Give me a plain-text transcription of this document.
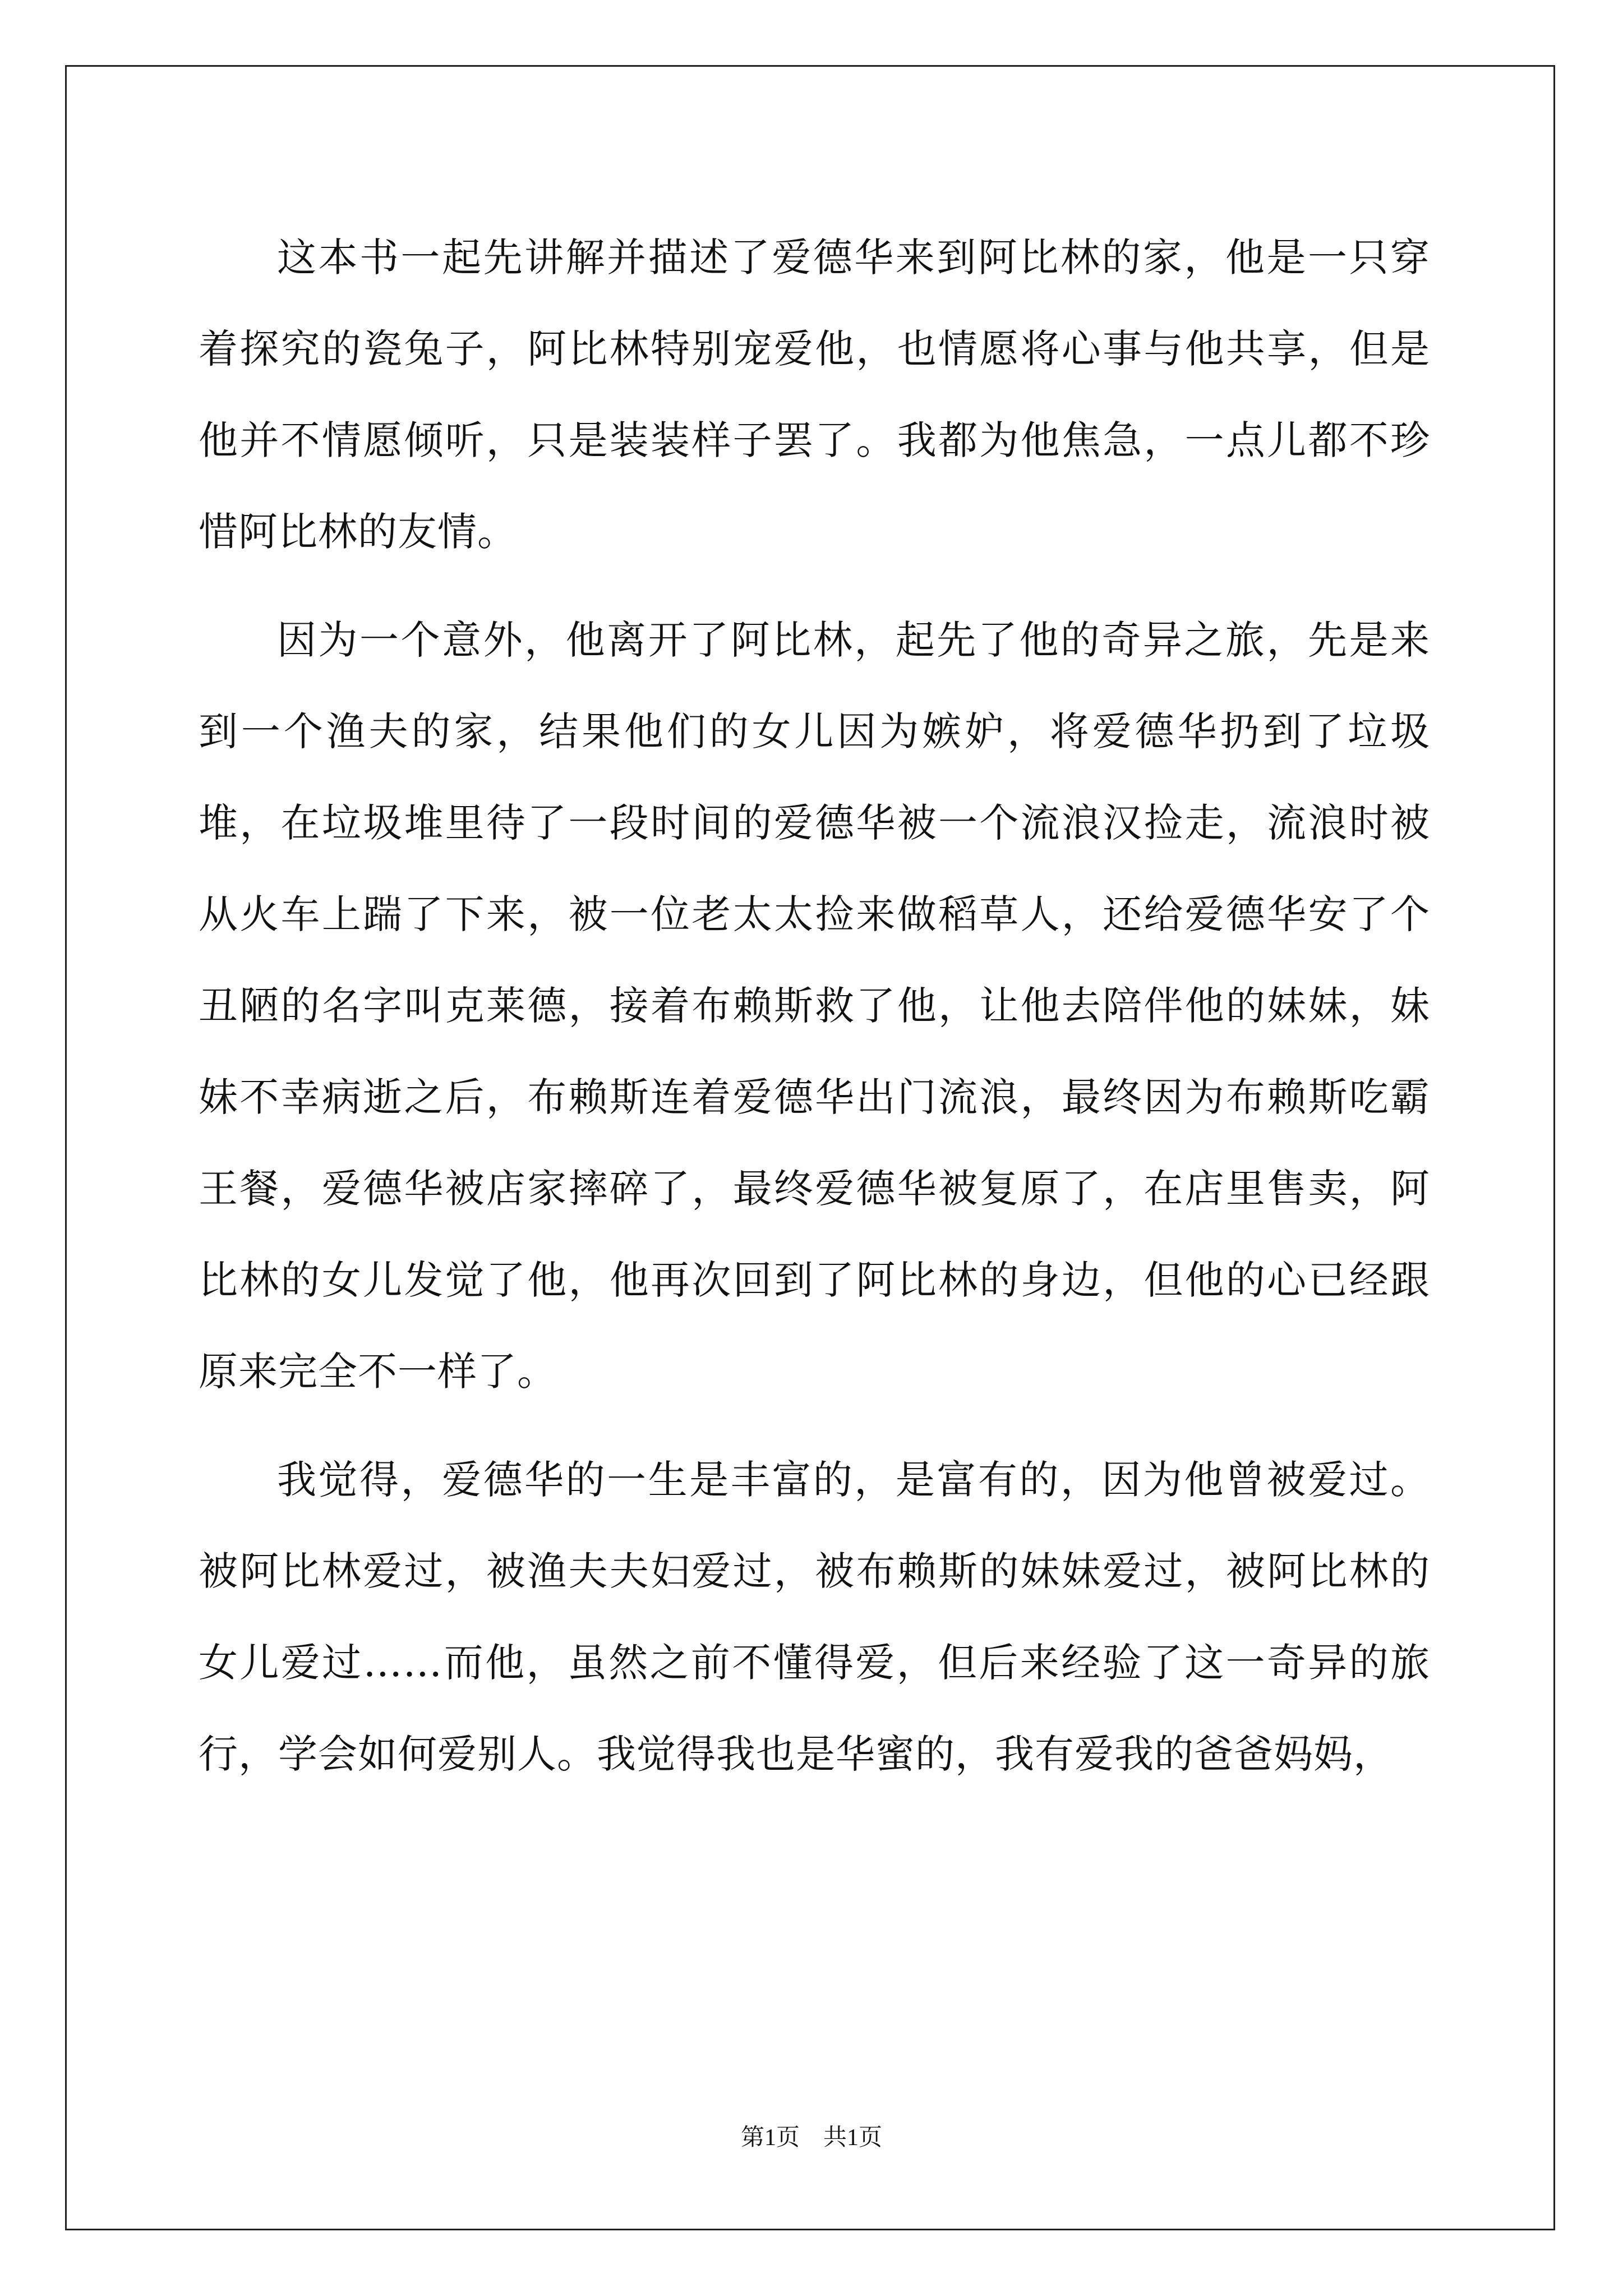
这本书一起先讲解并描述了爱德华来到阿比林的家，他是一只穿着探究的瓷兔子，阿比林特别宠爱他，也情愿将心事与他共享，但是他并不情愿倾听，只是装装样子罢了。我都为他焦急，一点儿都不珍惜阿比林的友情。

因为一个意外，他离开了阿比林，起先了他的奇异之旅，先是来到一个渔夫的家，结果他们的女儿因为嫉妒，将爱德华扔到了垃圾堆，在垃圾堆里待了一段时间的爱德华被一个流浪汉捡走，流浪时被从火车上踹了下来，被一位老太太捡来做稻草人，还给爱德华安了个丑陋的名字叫克莱德，接着布赖斯救了他，让他去陪伴他的妹妹，妹妹不幸病逝之后，布赖斯连着爱德华出门流浪，最终因为布赖斯吃霸王餐，爱德华被店家摔碎了，最终爱德华被复原了，在店里售卖，阿比林的女儿发觉了他，他再次回到了阿比林的身边，但他的心已经跟原来完全不一样了。

我觉得，爱德华的一生是丰富的，是富有的，因为他曾被爱过。被阿比林爱过，被渔夫夫妇爱过，被布赖斯的妹妹爱过，被阿比林的女儿爱过……而他，虽然之前不懂得爱，但后来经验了这一奇异的旅行，学会如何爱别人。我觉得我也是华蜜的，我有爱我的爸爸妈妈，

第1页　共1页
